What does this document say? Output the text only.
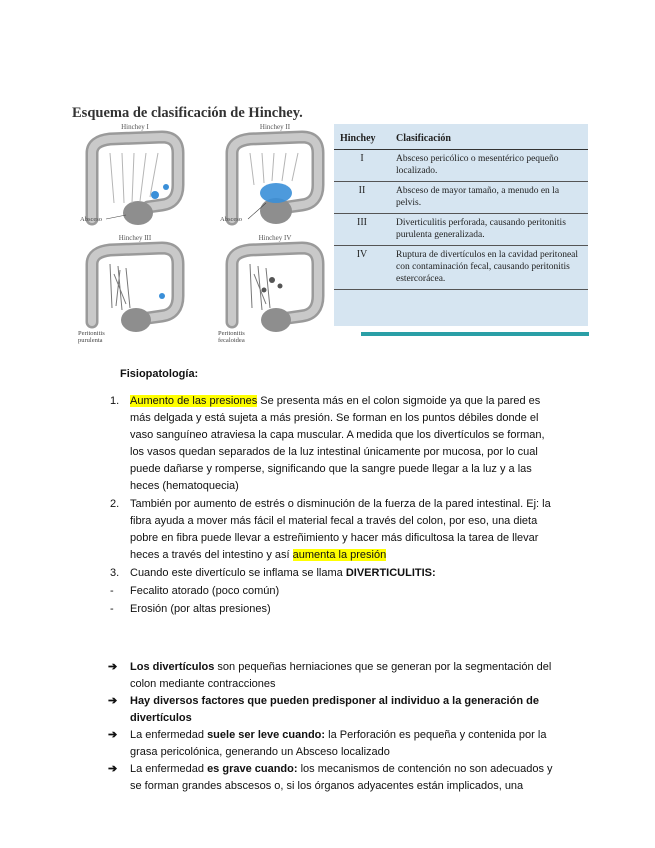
Esquema de clasificación de Hinchey.
Hinchey I
Absceso
Hinchey II
Absceso
Hinchey III
Peritonitis
purulenta
Hinchey IV
Peritonitis
fecaloidea
Hinchey	Clasificación
I	Absceso pericólico o mesentérico pequeño localizado.
II	Absceso de mayor tamaño, a menudo en la pelvis.
III	Diverticulitis perforada, causando peritonitis purulenta generalizada.
IV	Ruptura de divertículos en la cavidad peritoneal con contaminación fecal, causando peritonitis estercorácea.
Fisiopatología:
1. Aumento de las presiones Se presenta más en el colon sigmoide ya que la pared es más delgada y está sujeta a más presión. Se forman en los puntos débiles donde el vaso sanguíneo atraviesa la capa muscular. A medida que los divertículos se forman, los vasos quedan separados de la luz intestinal únicamente por mucosa, por lo cual puede dañarse y romperse, significando que la sangre puede llegar a la luz y a las heces (hematoquecia)
2. También por aumento de estrés o disminución de la fuerza de la pared intestinal. Ej: la fibra ayuda a mover más fácil el material fecal a través del colon, por eso, una dieta pobre en fibra puede llevar a estreñimiento y hacer más dificultosa la tarea de llevar heces a través del intestino y así aumenta la presión
3. Cuando este divertículo se inflama se llama DIVERTICULITIS:
- Fecalito atorado (poco común)
- Erosión (por altas presiones)
➔ Los divertículos son pequeñas herniaciones que se generan por la segmentación del colon mediante contracciones
➔ Hay diversos factores que pueden predisponer al individuo a la generación de divertículos
➔ La enfermedad suele ser leve cuando: la Perforación es pequeña y contenida por la grasa pericolónica, generando un Absceso localizado
➔ La enfermedad es grave cuando: los mecanismos de contención no son adecuados y se forman grandes abscesos o, si los órganos adyacentes están implicados, una
